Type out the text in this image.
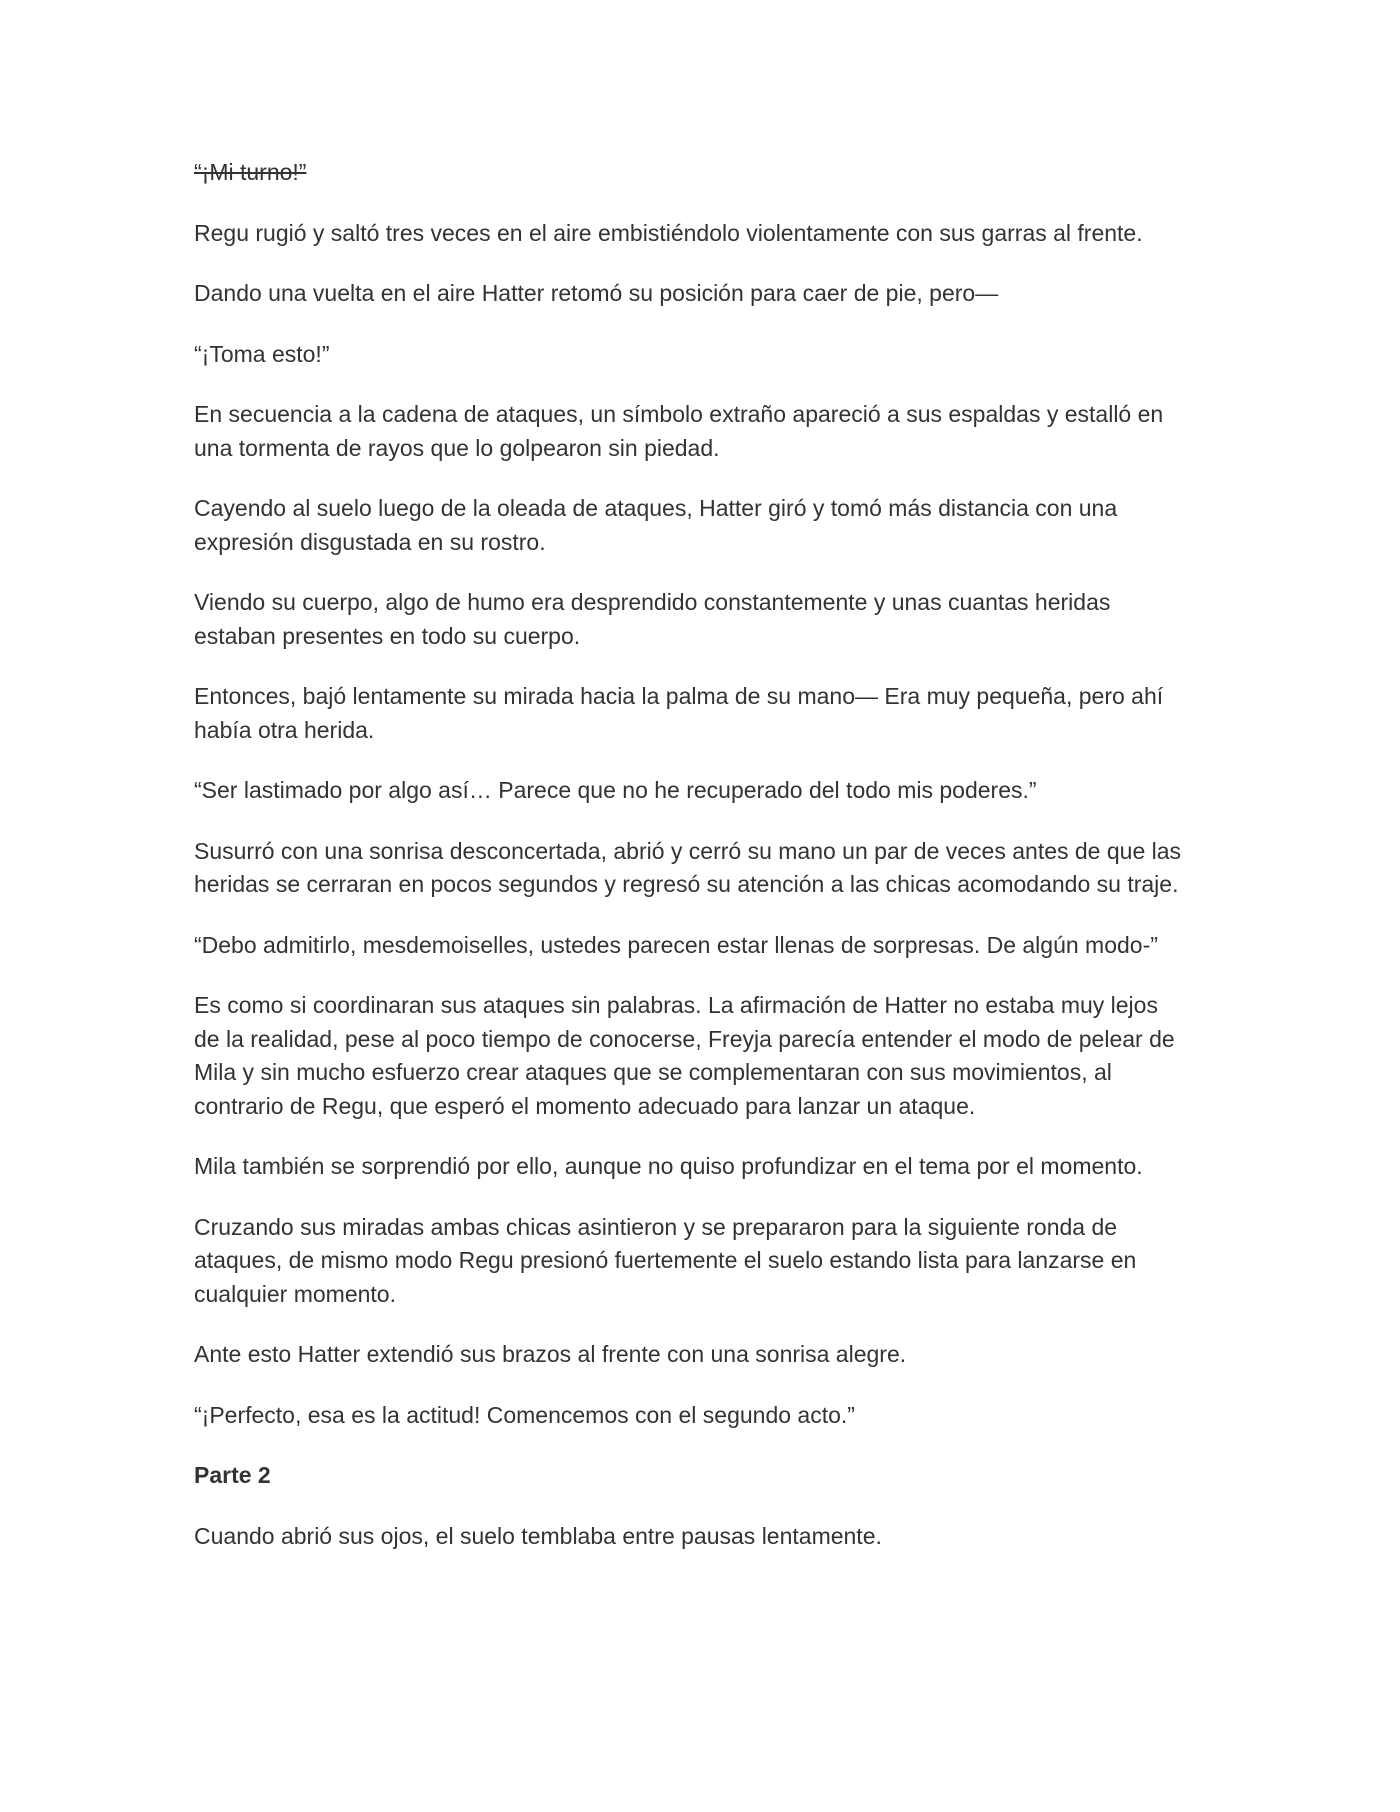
“¡Mi turno!”

Regu rugió y saltó tres veces en el aire embistiéndolo violentamente con sus garras al frente.

Dando una vuelta en el aire Hatter retomó su posición para caer de pie, pero—

“¡Toma esto!”

En secuencia a la cadena de ataques, un símbolo extraño apareció a sus espaldas y estalló en
una tormenta de rayos que lo golpearon sin piedad.

Cayendo al suelo luego de la oleada de ataques, Hatter giró y tomó más distancia con una
expresión disgustada en su rostro.

Viendo su cuerpo, algo de humo era desprendido constantemente y unas cuantas heridas
estaban presentes en todo su cuerpo.

Entonces, bajó lentamente su mirada hacia la palma de su mano— Era muy pequeña, pero ahí
había otra herida.

“Ser lastimado por algo así… Parece que no he recuperado del todo mis poderes.”

Susurró con una sonrisa desconcertada, abrió y cerró su mano un par de veces antes de que las
heridas se cerraran en pocos segundos y regresó su atención a las chicas acomodando su traje.

“Debo admitirlo, mesdemoiselles, ustedes parecen estar llenas de sorpresas. De algún modo-”

Es como si coordinaran sus ataques sin palabras. La afirmación de Hatter no estaba muy lejos
de la realidad, pese al poco tiempo de conocerse, Freyja parecía entender el modo de pelear de
Mila y sin mucho esfuerzo crear ataques que se complementaran con sus movimientos, al
contrario de Regu, que esperó el momento adecuado para lanzar un ataque.

Mila también se sorprendió por ello, aunque no quiso profundizar en el tema por el momento.

Cruzando sus miradas ambas chicas asintieron y se prepararon para la siguiente ronda de
ataques, de mismo modo Regu presionó fuertemente el suelo estando lista para lanzarse en
cualquier momento.

Ante esto Hatter extendió sus brazos al frente con una sonrisa alegre.

“¡Perfecto, esa es la actitud! Comencemos con el segundo acto.”

Parte 2

Cuando abrió sus ojos, el suelo temblaba entre pausas lentamente.
